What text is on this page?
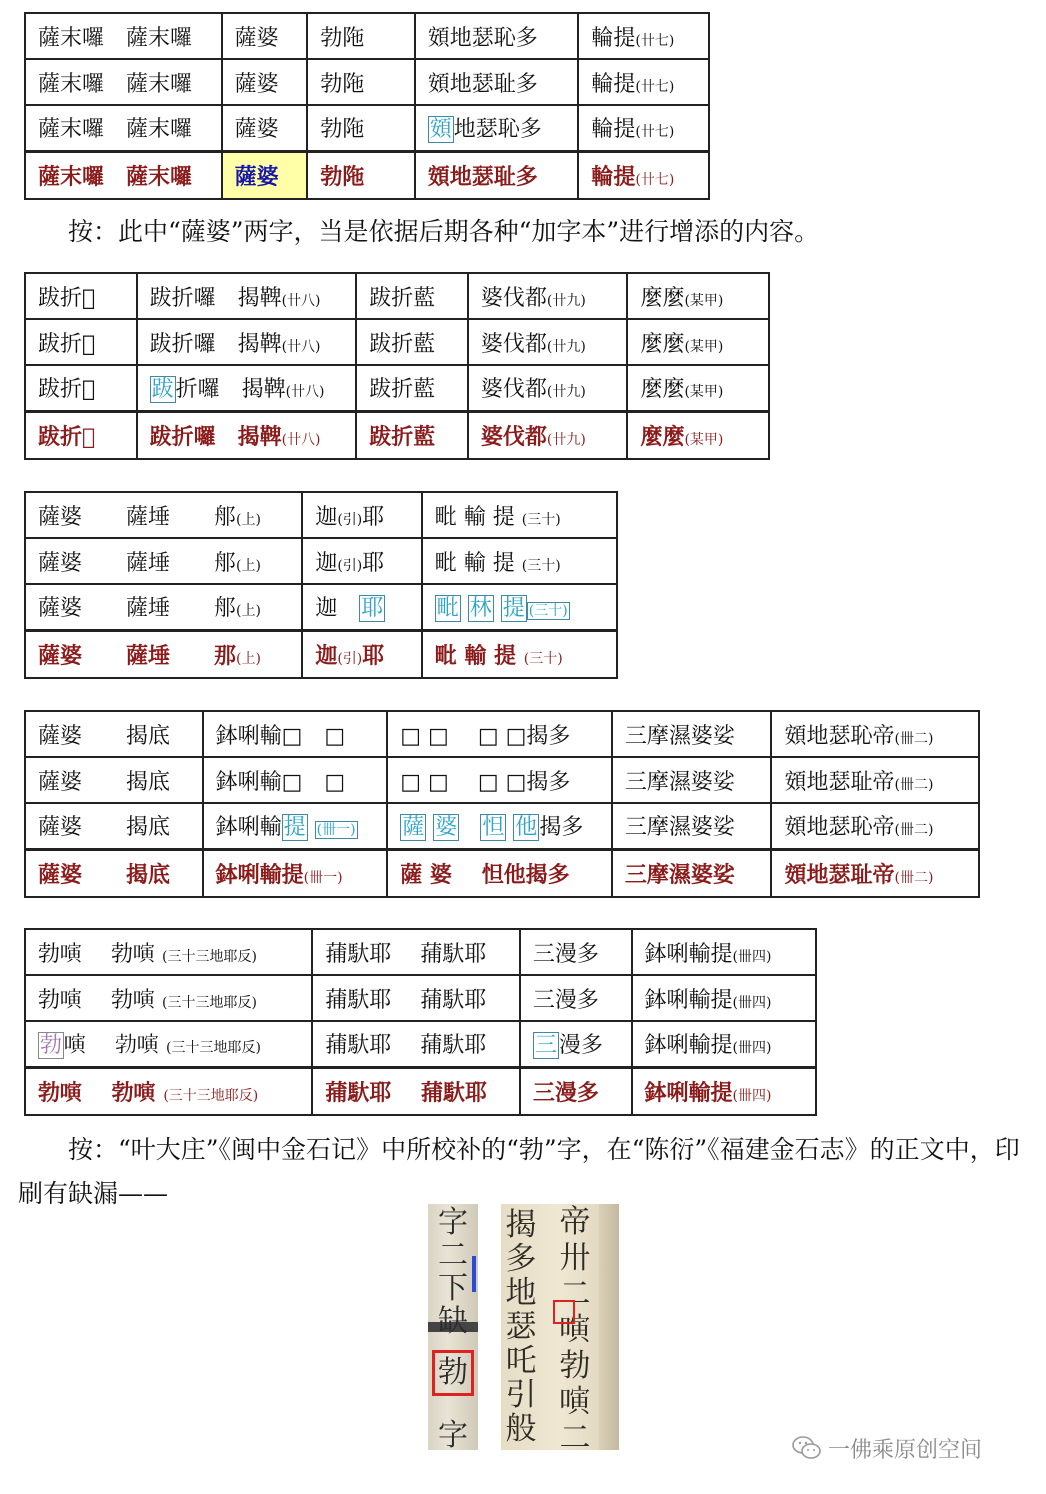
薩末囉　薩末囉	薩婆	勃陁	頞地瑟恥多	輪提(卄七)
薩末囉　薩末囉	薩婆	勃陁	頞地瑟耻多	輪提(卄七)
薩末囉　薩末囉	薩婆	勃陁	頞地瑟恥多	輪提(卄七)
薩末囉　薩末囉	薩婆	勃陁	頞地瑟耻多	輪提(卄七)

按：此中“薩婆”两字，当是依据后期各种“加字本”进行增添的内容。

跋折𠺁	跋折囉　揭鞞(卄八)	跋折藍	婆伐都(卄九)	麼麼(某甲)
跋折𠺁	跋折囉　揭鞞(卄八)	跋折藍	婆伐都(卄九)	麼麼(某甲)
跋折𠺁	跋折囉　揭鞞(卄八)	跋折藍	婆伐都(卄九)	麼麼(某甲)
跋折𠺁	跋折囉　揭鞞(卄八)	跋折藍	婆伐都(卄九)	麼麼(某甲)
薩婆　　薩埵　　郍(上)	迦(引)耶	毗 輸 提 (三十)
薩婆　　薩埵　　郍(上)	迦(引)耶	毗 輸 提 (三十)
薩婆　　薩埵　　郍(上)	迦 耶	毗 林 提 (三十)
薩婆　　薩埵　　那(上)	迦(引)耶	毗 輸 提 (三十)
薩婆　　揭底	鉢唎輸□　□	□ □　 □ □揭多	三摩濕婆娑	頞地瑟恥帝(卌二)
薩婆　　揭底	鉢唎輸□　□	□ □　 □ □揭多	三摩濕婆娑	頞地瑟耻帝(卌二)
薩婆　　揭底	鉢唎輸提 (卌一)	薩 婆 怛 他揭多	三摩濕婆娑	頞地瑟恥帝(卌二)
薩婆　　揭底	鉢唎輸提(卌一)	薩 婆　 怛他揭多	三摩濕婆娑	頞地瑟耻帝(卌二)
勃𠻤　 勃𠻤 (三十三地耶反)	蒱馱耶　 蒱馱耶	三漫多	鉢唎輸提(卌四)
勃𠻤　 勃𠻤 (三十三地耶反)	蒱馱耶　 蒱馱耶	三漫多	鉢唎輸提(卌四)
勃𠻤　 勃𠻤 (三十三地耶反)	蒱馱耶　 蒱馱耶	三漫多	鉢唎輸提(卌四)
勃𠻤　 勃𠻤 (三十三地耶反)	蒱馱耶　 蒱馱耶	三漫多	鉢唎輸提(卌四)

按：“叶大庄”《闽中金石记》中所校补的“勃”字，在“陈衍”《福建金石志》的正文中，印刷有缺漏——

字
二
下
缺
勃
字
揭
多
地
瑟
吒
引
般
帝
卅
二
𠻤
勃
𠻤
二	一佛乘原创空间
